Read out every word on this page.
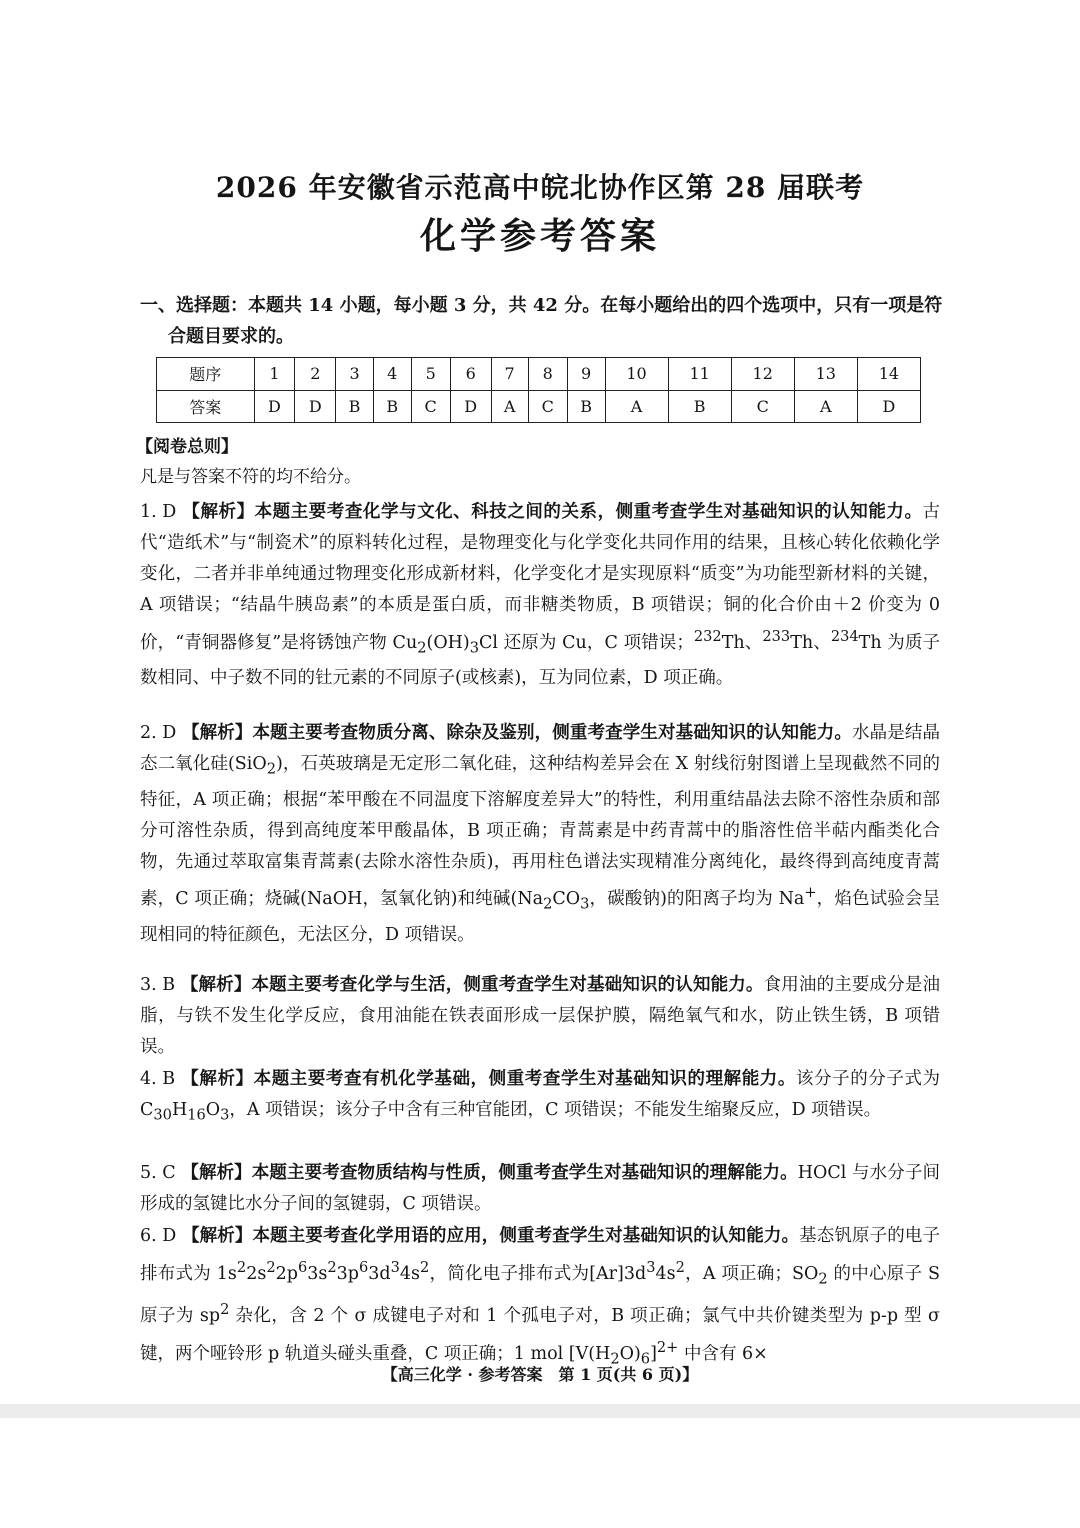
2026 年安徽省示范高中皖北协作区第 28 届联考
化学参考答案
一、选择题：本题共 14 小题，每小题 3 分，共 42 分。在每小题给出的四个选项中，只有一项是符
合题目要求的。
题序	1	2	3	4	5	6	7	8	9	10	11	12	13	14
答案	D	D	B	B	C	D	A	C	B	A	B	C	A	D
【阅卷总则】
凡是与答案不符的均不给分。
1. D 【解析】本题主要考查化学与文化、科技之间的关系，侧重考查学生对基础知识的认知能力。古代“造纸术”与“制瓷术”的原料转化过程，是物理变化与化学变化共同作用的结果，且核心转化依赖化学变化，二者并非单纯通过物理变化形成新材料，化学变化才是实现原料“质变”为功能型新材料的关键，A 项错误；“结晶牛胰岛素”的本质是蛋白质，而非糖类物质，B 项错误；铜的化合价由＋2 价变为 0 价，“青铜器修复”是将锈蚀产物 $Cu_2(OH)_3Cl$ 还原为 Cu，C 项错误；$^{232}$Th、$^{233}$Th、$^{234}$Th 为质子数相同、中子数不同的钍元素的不同原子(或核素)，互为同位素，D 项正确。
2. D 【解析】本题主要考查物质分离、除杂及鉴别，侧重考查学生对基础知识的认知能力。水晶是结晶态二氧化硅(SiO$_2$)，石英玻璃是无定形二氧化硅，这种结构差异会在 X 射线衍射图谱上呈现截然不同的特征，A 项正确；根据“苯甲酸在不同温度下溶解度差异大”的特性，利用重结晶法去除不溶性杂质和部分可溶性杂质，得到高纯度苯甲酸晶体，B 项正确；青蒿素是中药青蒿中的脂溶性倍半萜内酯类化合物，先通过萃取富集青蒿素(去除水溶性杂质)，再用柱色谱法实现精准分离纯化，最终得到高纯度青蒿素，C 项正确；烧碱(NaOH，氢氧化钠)和纯碱($Na_2CO_3$，碳酸钠)的阳离子均为 Na+，焰色试验会呈现相同的特征颜色，无法区分，D 项错误。
3. B 【解析】本题主要考查化学与生活，侧重考查学生对基础知识的认知能力。食用油的主要成分是油脂，与铁不发生化学反应，食用油能在铁表面形成一层保护膜，隔绝氧气和水，防止铁生锈，B 项错误。
4. B 【解析】本题主要考查有机化学基础，侧重考查学生对基础知识的理解能力。该分子的分子式为 $C_{30}H_{16}O_3$，A 项错误；该分子中含有三种官能团，C 项错误；不能发生缩聚反应，D 项错误。
5. C 【解析】本题主要考查物质结构与性质，侧重考查学生对基础知识的理解能力。HOCl 与水分子间形成的氢键比水分子间的氢键弱，C 项错误。
6. D 【解析】本题主要考查化学用语的应用，侧重考查学生对基础知识的认知能力。基态钒原子的电子排布式为 $1s^22s^22p^63s^23p^63d^34s^2$，简化电子排布式为$[Ar]3d^34s^2$，A 项正确；$SO_2$ 的中心原子 S 原子为 $sp^2$ 杂化，含 2 个 σ 成键电子对和 1 个孤电子对，B 项正确；氯气中共价键类型为 p-p 型 σ 键，两个哑铃形 p 轨道头碰头重叠，C 项正确；1 mol $[V(H_2O)_6]^{2+}$ 中含有 6×
【高三化学 · 参考答案　第 1 页(共 6 页)】
